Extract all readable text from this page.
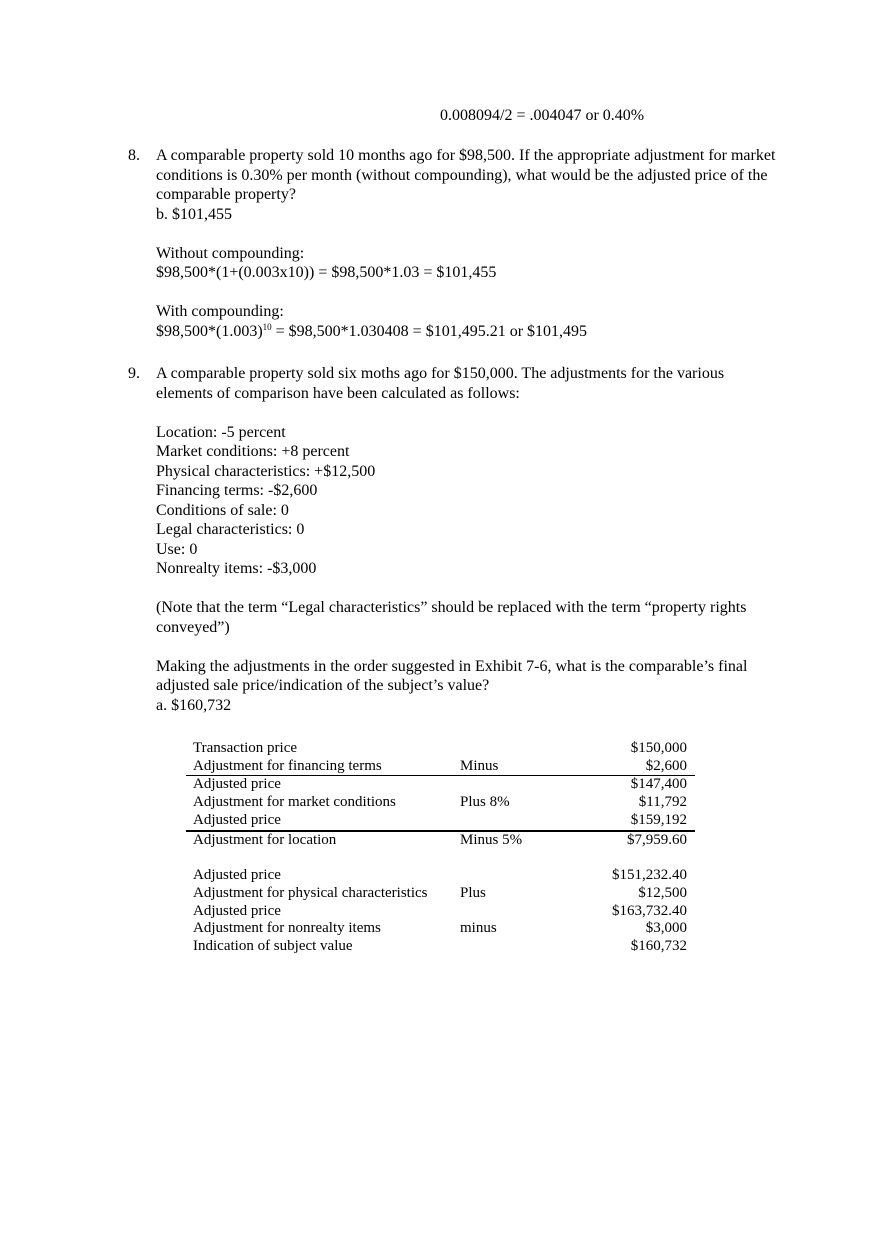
0.008094/2 = .004047 or 0.40%
8. A comparable property sold 10 months ago for $98,500. If the appropriate adjustment for market conditions is 0.30% per month (without compounding), what would be the adjusted price of the comparable property?
b. $101,455
Without compounding:
$98,500*(1+(0.003x10)) = $98,500*1.03 = $101,455
With compounding:
$\$98,500*(1.003)^{10}$ = $98,500*1.030408 = $101,495.21 or $101,495
9. A comparable property sold six moths ago for $150,000. The adjustments for the various elements of comparison have been calculated as follows:
Location: -5 percent
Market conditions: +8 percent
Physical characteristics: +$12,500
Financing terms: -$2,600
Conditions of sale: 0
Legal characteristics: 0
Use: 0
Nonrealty items: -$3,000
(Note that the term “Legal characteristics” should be replaced with the term “property rights conveyed”)
Making the adjustments in the order suggested in Exhibit 7-6, what is the comparable’s final adjusted sale price/indication of the subject’s value?
a. $160,732
Transaction price		$150,000
Adjustment for financing terms	Minus	$2,600
Adjusted price		$147,400
Adjustment for market conditions	Plus 8%	$11,792
Adjusted price		$159,192
Adjustment for location	Minus 5%	$7,959.60
Adjusted price		$151,232.40
Adjustment for physical characteristics	Plus	$12,500
Adjusted price		$163,732.40
Adjustment for nonrealty items	minus	$3,000
Indication of subject value		$160,732
